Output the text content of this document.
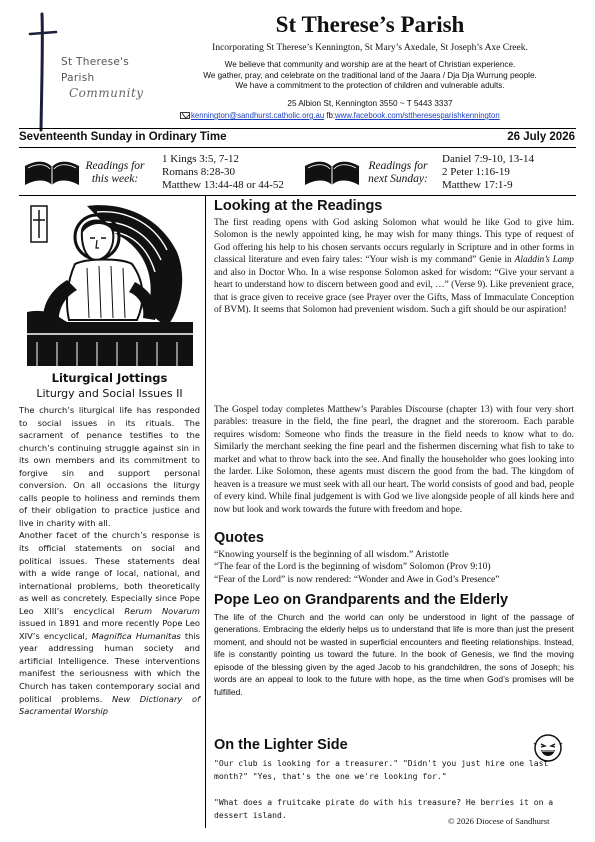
St Therese's
Parish
Community
St Therese’s Parish
Incorporating St Therese’s Kennington, St Mary’s Axedale, St Joseph’s Axe Creek.
We believe that community and worship are at the heart of Christian experience.
We gather, pray, and celebrate on the traditional land of the Jaara / Dja Dja Wurrung people.
We have a commitment to the protection of children and vulnerable adults.
25 Albion St, Kennington 3550 ~ T 5443 3337
kennington@sandhurst.catholic.org.au fb:www.facebook.com/sttheresesparishkennington
Seventeenth Sunday in Ordinary Time	26 July 2026
Readings for
this week:
1 Kings 3:5, 7-12
Romans 8:28-30
Matthew 13:44-48 or 44-52
Readings for
next Sunday:
Daniel 7:9-10, 13-14
2 Peter 1:16-19
Matthew 17:1-9
Liturgical Jottings
Liturgy and Social Issues II

The church’s liturgical life has responded to social issues in its rituals. The sacrament of penance testifies to the church’s continuing struggle against sin in its own members and its commitment to forgive sin and support personal conversion. On all occasions the liturgy calls people to holiness and reminds them of their obligation to practice justice and live in charity with all.

Another facet of the church’s response is its official statements on social and political issues. These statements deal with a wide range of local, national, and international problems, both theoretically as well as concretely. Especially since Pope Leo XIII’s encyclical Rerum Novarum issued in 1891 and more recently Pope Leo XIV’s encyclical, Magnifica Humanitas this year addressing human society and artificial Intelligence. These interventions manifest the seriousness with which the Church has taken contemporary social and political problems. New Dictionary of Sacramental Worship

Looking at the Readings
The first reading opens with God asking Solomon what would he like God to give him. Solomon is the newly appointed king, he may wish for many things. This type of request of God offering his help to his chosen servants occurs regularly in Scripture and in other forms in classical literature and even fairy tales: “Your wish is my command” Genie in Aladdin’s Lamp and also in Doctor Who. In a wise response Solomon asked for wisdom: “Give your servant a heart to understand how to discern between good and evil, …” (Verse 9). Like prevenient grace, that is grace given to receive grace (see Prayer over the Gifts, Mass of Immaculate Conception of BVM). It seems that Solomon had prevenient wisdom. Such a gift should be our aspiration!
The Gospel today completes Matthew’s Parables Discourse (chapter 13) with four very short parables: treasure in the field, the fine pearl, the dragnet and the storeroom. Each parable requires wisdom: Someone who finds the treasure in the field needs to know what to do. Similarly the merchant seeking the fine pearl and the fishermen discerning what fish to take to market and what to throw back into the see. And finally the householder who goes looking into the larder. Like Solomon, these agents must discern the good from the bad. The kingdom of heaven is a treasure we must seek with all our heart. The world consists of good and bad, people of every kind. While final judgement is with God we live alongside people of all kinds here and now but look and work towards the future with freedom and hope.
Quotes
“Knowing yourself is the beginning of all wisdom.” Aristotle
“The fear of the Lord is the beginning of wisdom” Solomon (Prov 9:10)
“Fear of the Lord” is now rendered: “Wonder and Awe in God’s Presence”
Pope Leo on Grandparents and the Elderly
The life of the Church and the world can only be understood in light of the passage of generations. Embracing the elderly helps us to understand that life is more than just the present moment, and should not be wasted in superficial encounters and fleeting relationships. Instead, life is constantly pointing us toward the future. In the book of Genesis, we find the moving episode of the blessing given by the aged Jacob to his grandchildren, the sons of Joseph; his words are an appeal to look to the future with hope, as the time when God’s promises will be fulfilled.
On the Lighter Side
"Our club is looking for a treasurer." "Didn't you just hire one last month?" "Yes, that's the one we're looking for."
"What does a fruitcake pirate do with his treasure? He berries it on a dessert island.
© 2026 Diocese of Sandhurst
